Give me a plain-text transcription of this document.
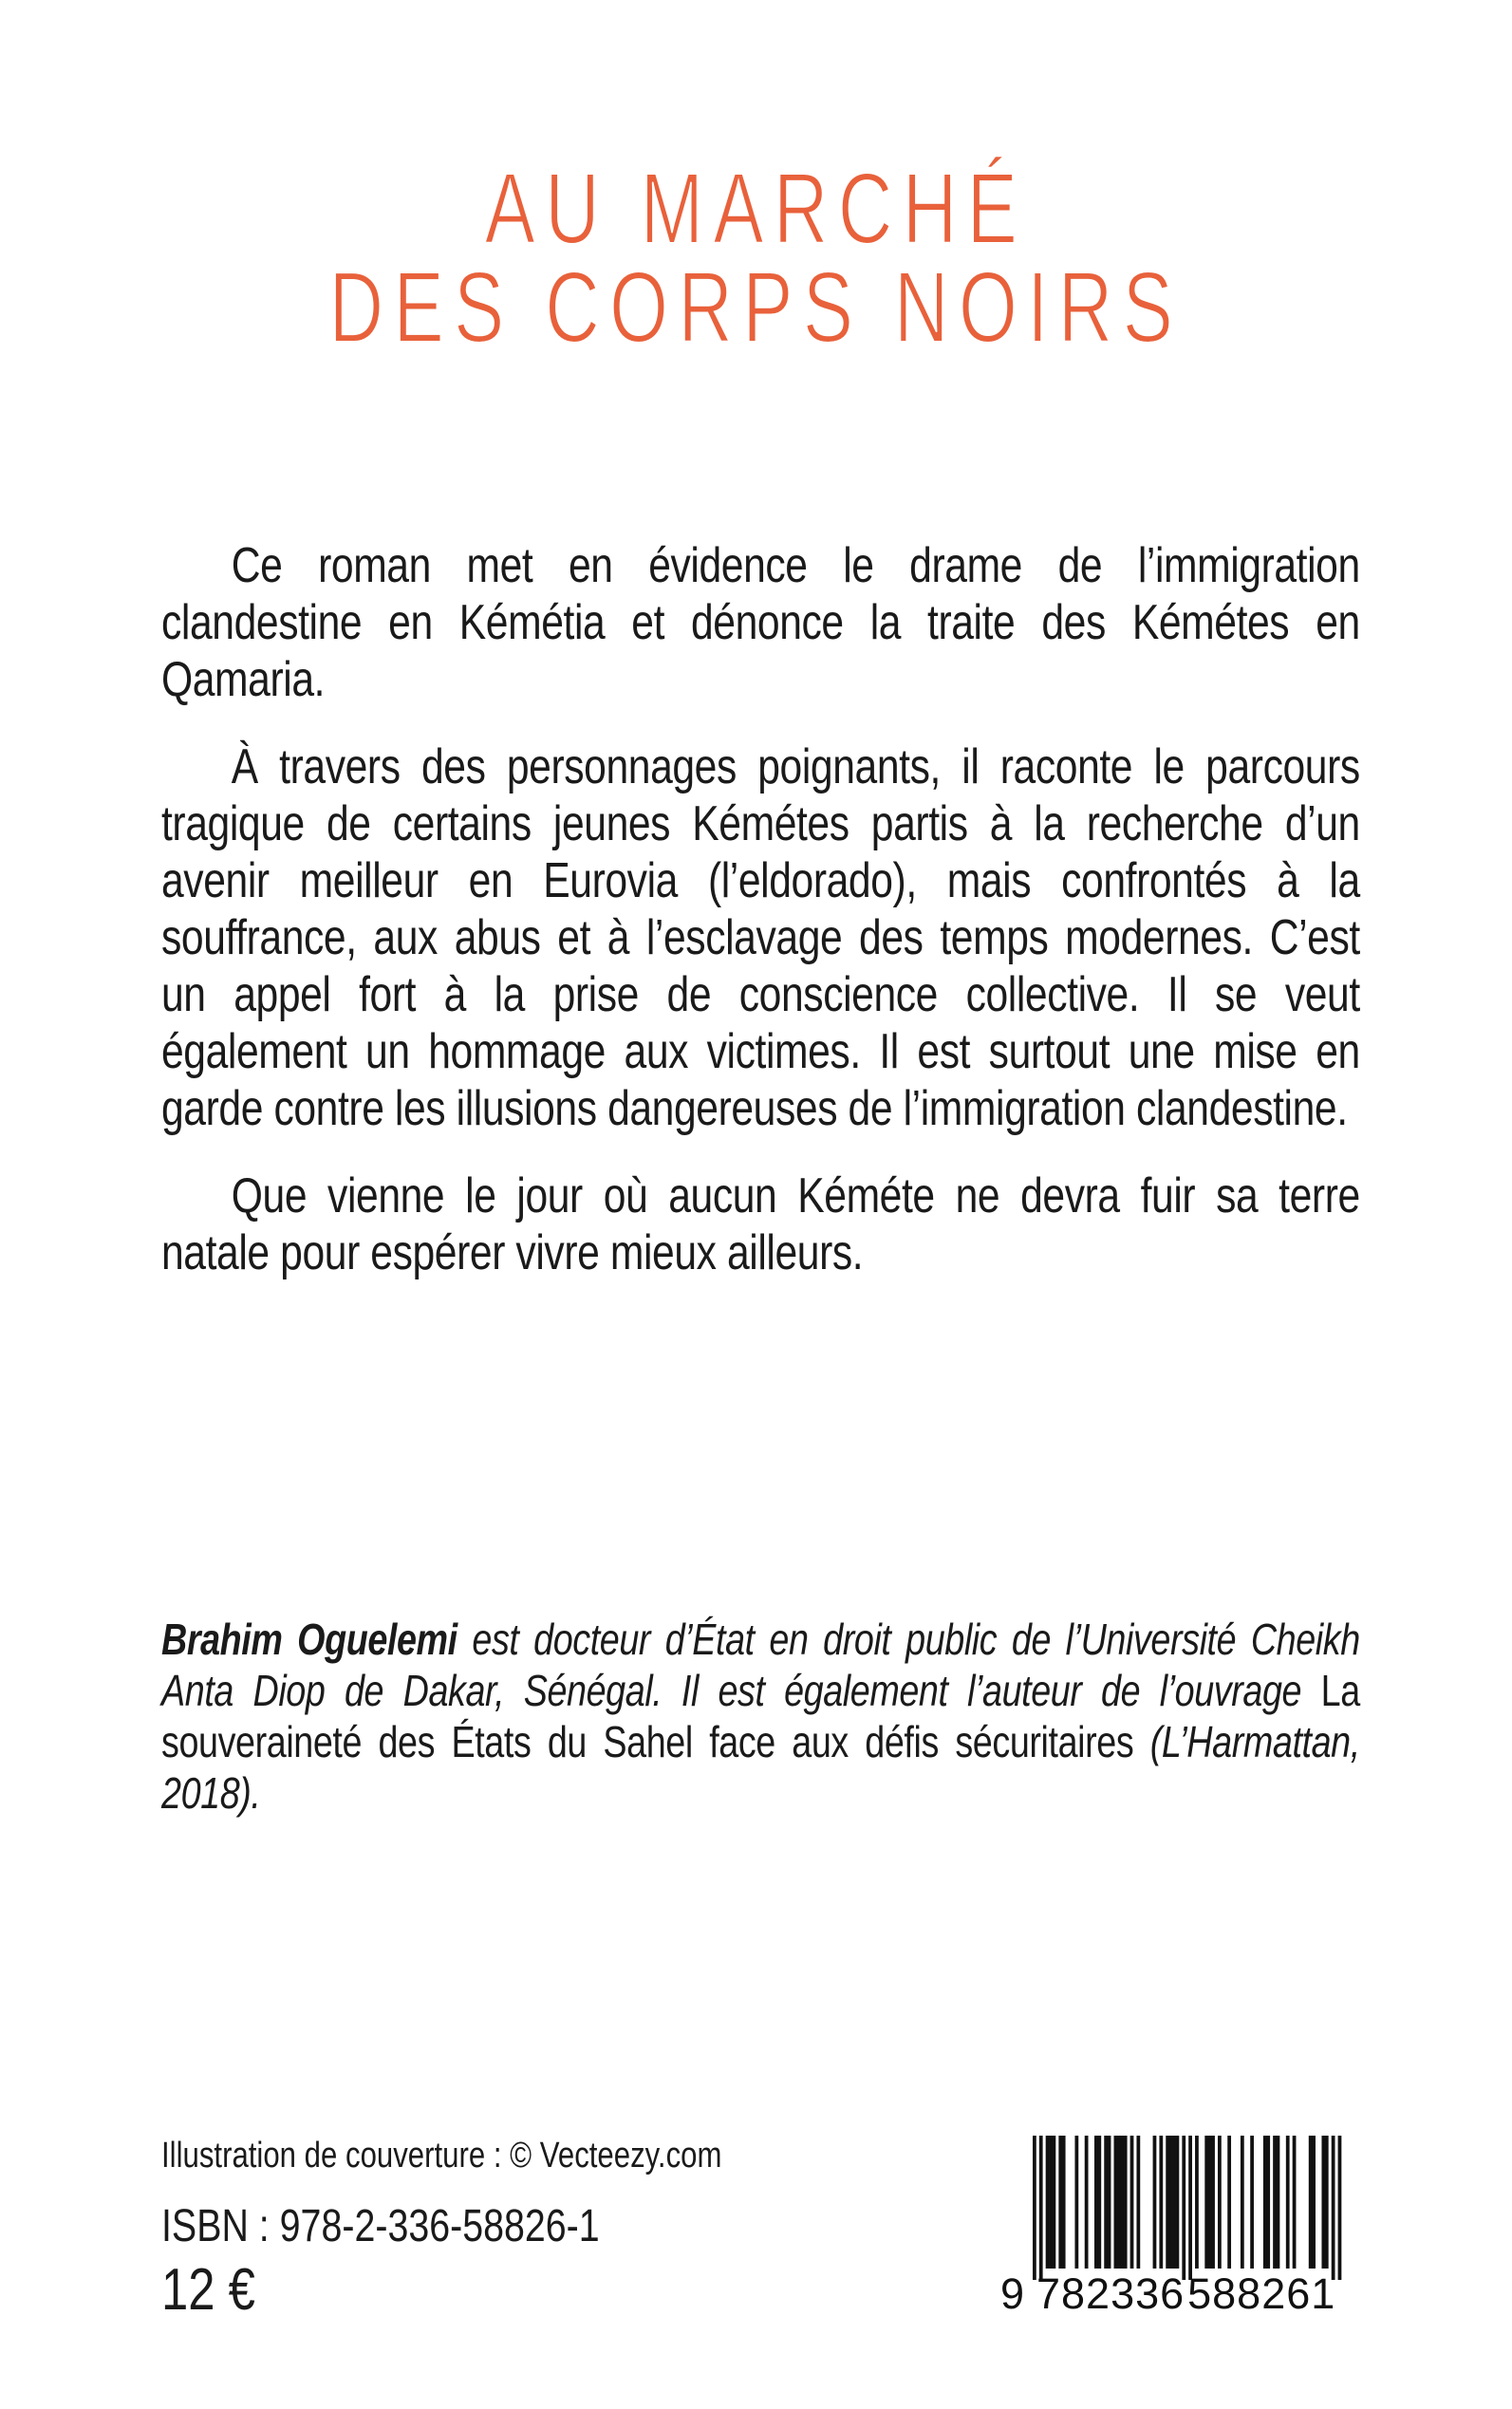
AU MARCHÉ
DES CORPS NOIRS

Ce roman met en évidence le drame de l’immigration clandestine en Kémétia et dénonce la traite des Kémétes en Qamaria.

À travers des personnages poignants, il raconte le parcours tragique de certains jeunes Kémétes partis à la recherche d’un avenir meilleur en Eurovia (l’eldorado), mais confrontés à la souffrance, aux abus et à l’esclavage des temps modernes. C’est un appel fort à la prise de conscience collective. Il se veut également un hommage aux victimes. Il est surtout une mise en garde contre les illusions dangereuses de l’immigration clandestine.

Que vienne le jour où aucun Kéméte ne devra fuir sa terre natale pour espérer vivre mieux ailleurs.

Brahim Oguelemi est docteur d’État en droit public de l’Université Cheikh Anta Diop de Dakar, Sénégal. Il est également l’auteur de l’ouvrage La souveraineté des États du Sahel face aux défis sécuritaires (L’Harmattan, 2018).

Illustration de couverture : © Vecteezy.com

ISBN : 978-2-336-58826-1

12 €	9 782336 588261
